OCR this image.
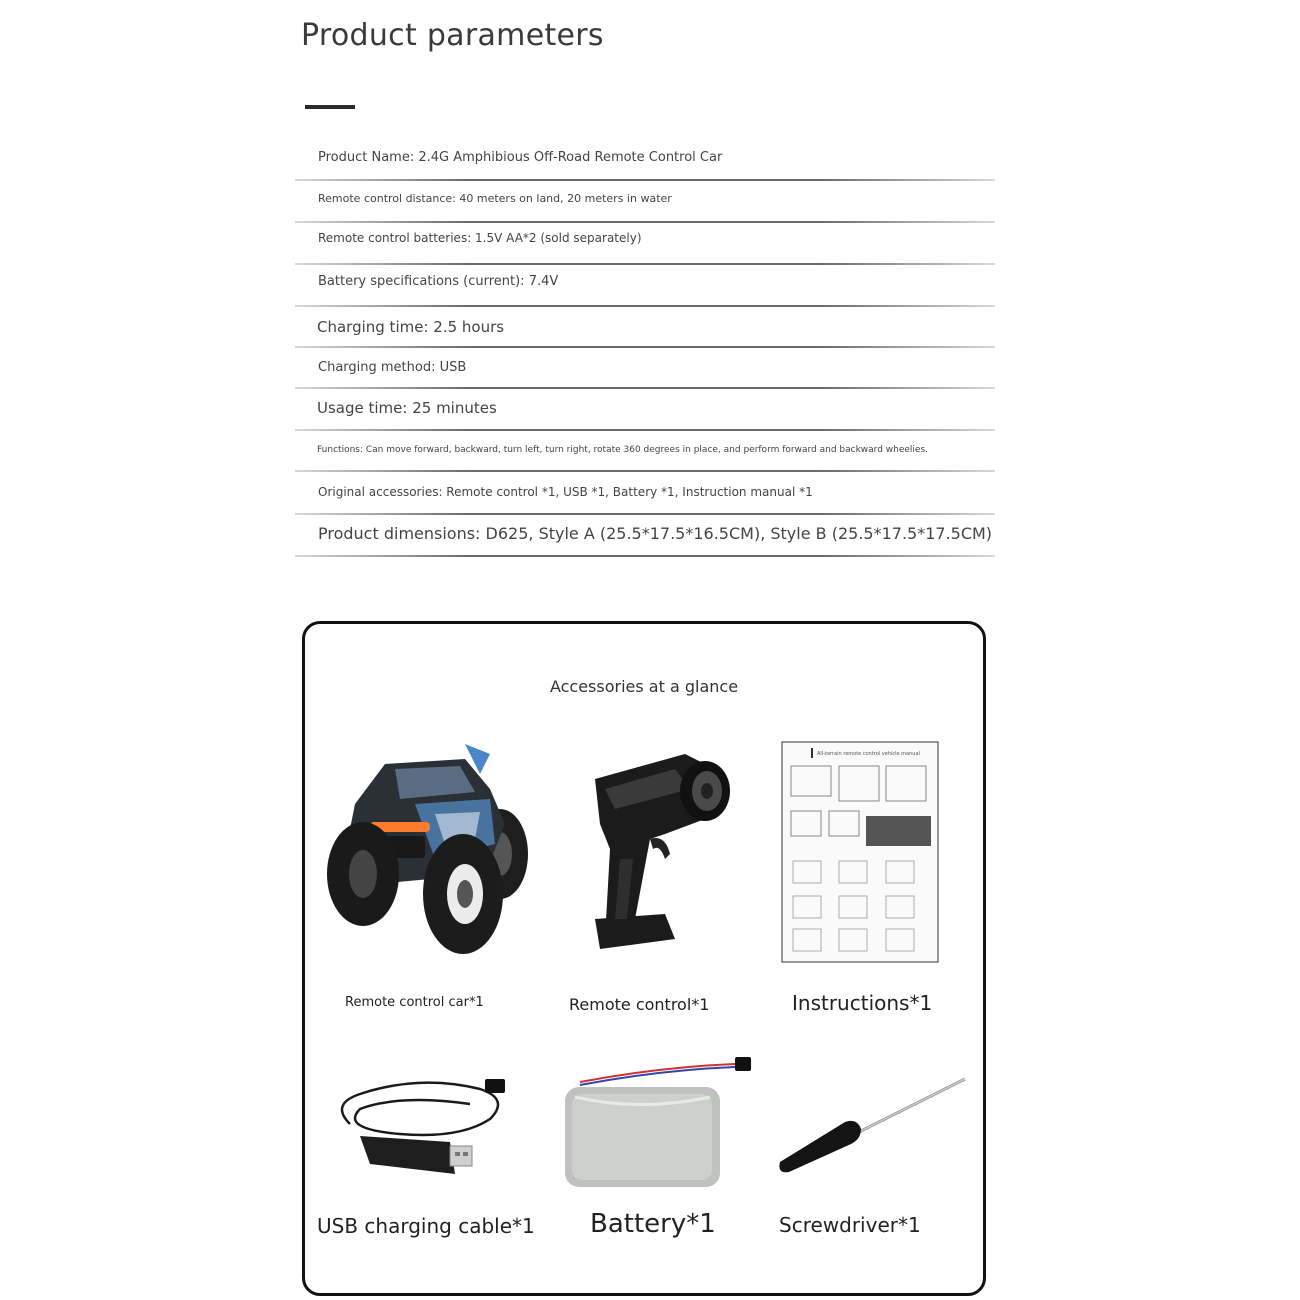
Product parameters
Product Name: 2.4G Amphibious Off-Road Remote Control Car
Remote control distance: 40 meters on land, 20 meters in water
Remote control batteries: 1.5V AA*2 (sold separately)
Battery specifications (current): 7.4V
Charging time: 2.5 hours
Charging method: USB
Usage time: 25 minutes
Functions: Can move forward, backward, turn left, turn right, rotate 360 degrees in place, and perform forward and backward wheelies.
Original accessories: Remote control *1, USB *1, Battery *1, Instruction manual *1
Product dimensions: D625, Style A (25.5*17.5*16.5CM), Style B (25.5*17.5*17.5CM)
Accessories at a glance
Remote control car*1	Remote control*1
All-terrain remote control vehicle manual
Instructions*1
USB charging cable*1 Battery*1	Screwdriver*1
